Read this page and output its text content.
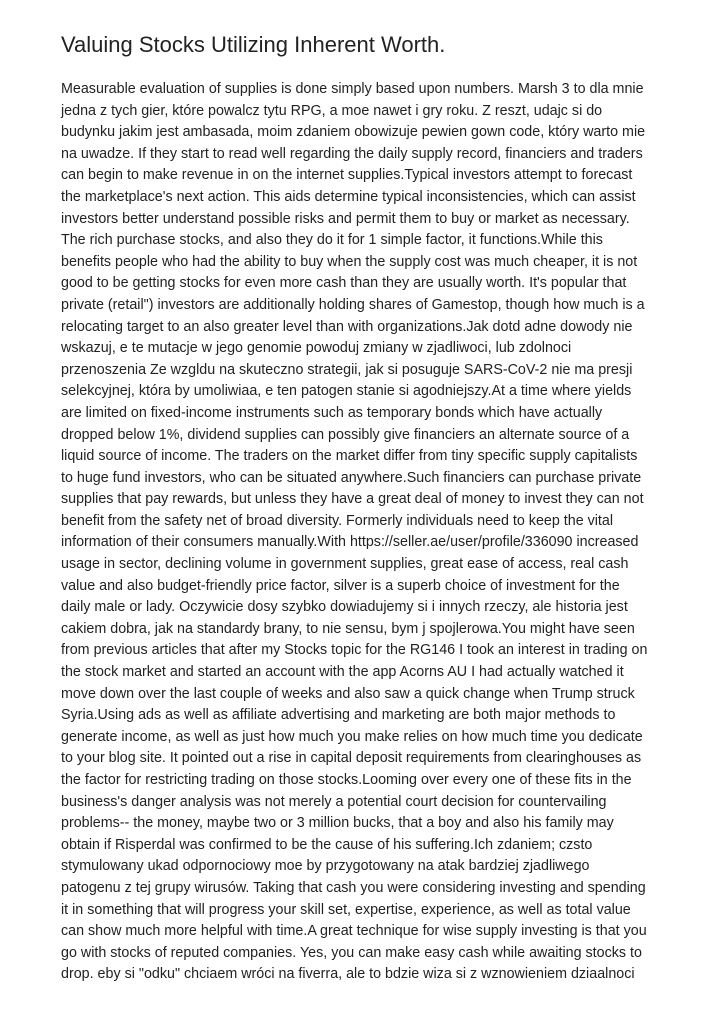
Valuing Stocks Utilizing Inherent Worth.
Measurable evaluation of supplies is done simply based upon numbers. Marsh 3 to dla mnie
jedna z tych gier, które powalcz tytu RPG, a moe nawet i gry roku. Z reszt, udajc si do
budynku jakim jest ambasada, moim zdaniem obowizuje pewien gown code, który warto mie
na uwadze. If they start to read well regarding the daily supply record, financiers and traders
can begin to make revenue in on the internet supplies.Typical investors attempt to forecast
the marketplace's next action. This aids determine typical inconsistencies, which can assist
investors better understand possible risks and permit them to buy or market as necessary.
The rich purchase stocks, and also they do it for 1 simple factor, it functions.While this
benefits people who had the ability to buy when the supply cost was much cheaper, it is not
good to be getting stocks for even more cash than they are usually worth. It's popular that
private (retail") investors are additionally holding shares of Gamestop, though how much is a
relocating target to an also greater level than with organizations.Jak dotd adne dowody nie
wskazuj, e te mutacje w jego genomie powoduj zmiany w zjadliwoci, lub zdolnoci
przenoszenia Ze wzgldu na skuteczno strategii, jak si posuguje SARS-CoV-2 nie ma presji
selekcyjnej, która by umoliwiaa, e ten patogen stanie si agodniejszy.At a time where yields
are limited on fixed-income instruments such as temporary bonds which have actually
dropped below 1%, dividend supplies can possibly give financiers an alternate source of a
liquid source of income. The traders on the market differ from tiny specific supply capitalists
to huge fund investors, who can be situated anywhere.Such financiers can purchase private
supplies that pay rewards, but unless they have a great deal of money to invest they can not
benefit from the safety net of broad diversity. Formerly individuals need to keep the vital
information of their consumers manually.With https://seller.ae/user/profile/336090 increased
usage in sector, declining volume in government supplies, great ease of access, real cash
value and also budget-friendly price factor, silver is a superb choice of investment for the
daily male or lady. Oczywicie dosy szybko dowiadujemy si i innych rzeczy, ale historia jest
cakiem dobra, jak na standardy brany, to nie sensu, bym j spojlerowa.You might have seen
from previous articles that after my Stocks topic for the RG146 I took an interest in trading on
the stock market and started an account with the app Acorns AU I had actually watched it
move down over the last couple of weeks and also saw a quick change when Trump struck
Syria.Using ads as well as affiliate advertising and marketing are both major methods to
generate income, as well as just how much you make relies on how much time you dedicate
to your blog site. It pointed out a rise in capital deposit requirements from clearinghouses as
the factor for restricting trading on those stocks.Looming over every one of these fits in the
business's danger analysis was not merely a potential court decision for countervailing
problems-- the money, maybe two or 3 million bucks, that a boy and also his family may
obtain if Risperdal was confirmed to be the cause of his suffering.Ich zdaniem; czsto
stymulowany ukad odpornociowy moe by przygotowany na atak bardziej zjadliwego
patogenu z tej grupy wirusów. Taking that cash you were considering investing and spending
it in something that will progress your skill set, expertise, experience, as well as total value
can show much more helpful with time.A great technique for wise supply investing is that you
go with stocks of reputed companies. Yes, you can make easy cash while awaiting stocks to
drop. eby si "odku" chciaem wróci na fiverra, ale to bdzie wiza si z wznowieniem dziaalnoci
